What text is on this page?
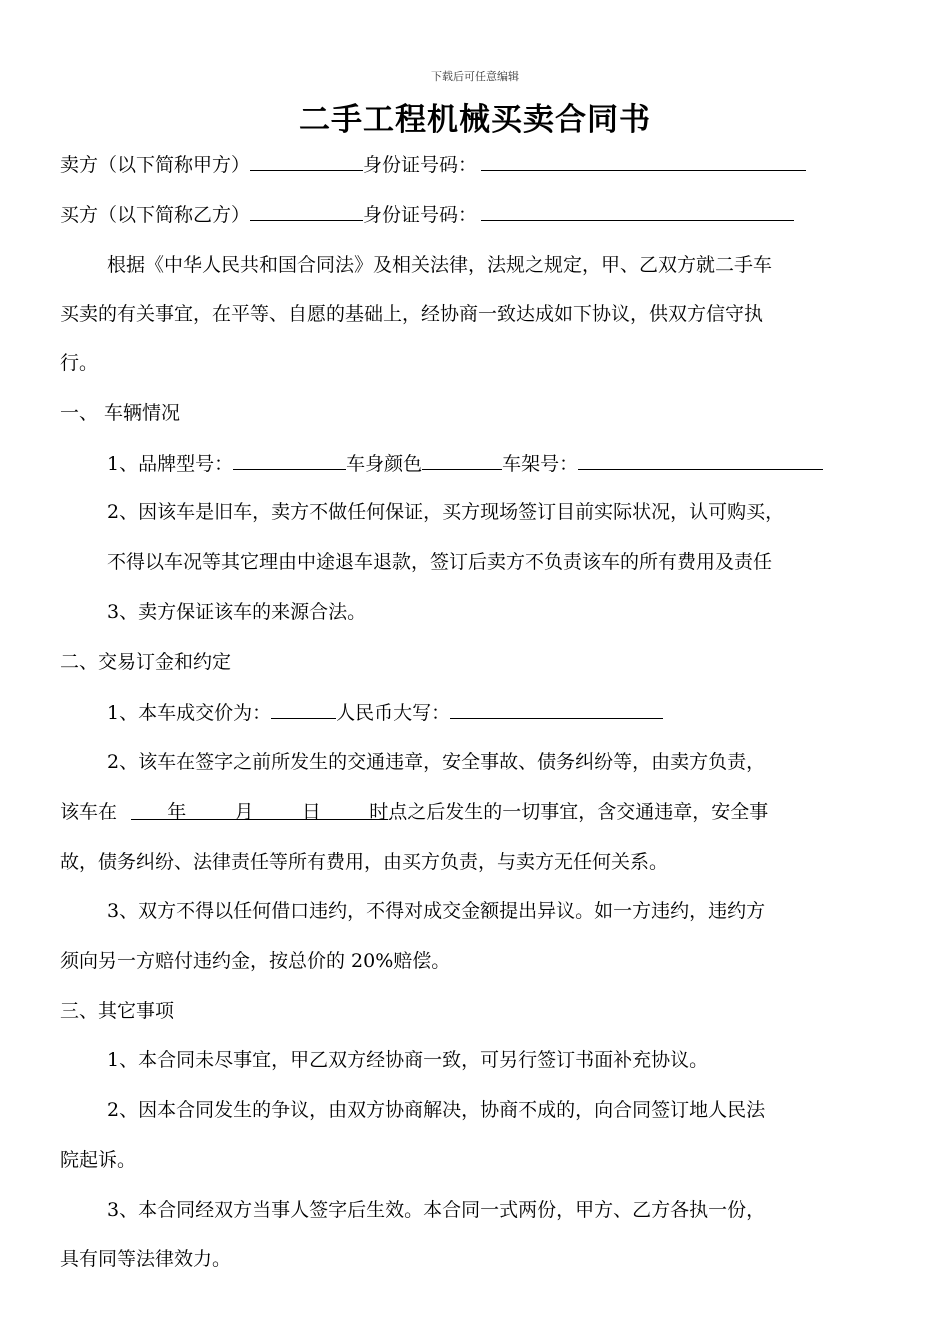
下载后可任意编辑
二手工程机械买卖合同书
卖方（以下简称甲方）	身份证号码：
买方（以下简称乙方）	身份证号码：
根据《中华人民共和国合同法》及相关法律，法规之规定，甲、乙双方就二手车
买卖的有关事宜，在平等、自愿的基础上，经协商一致达成如下协议，供双方信守执
行。
一、 车辆情况
1、品牌型号：	车身颜色	车架号：
2、因该车是旧车，卖方不做任何保证，买方现场签订目前实际状况，认可购买，
不得以车况等其它理由中途退车退款，签订后卖方不负责该车的所有费用及责任
3、卖方保证该车的来源合法。
二、交易订金和约定
1、本车成交价为：	人民币大写：
2、该车在签字之前所发生的交通违章，安全事故、债务纠纷等，由卖方负责，
该车在      年        月        日        时点之后发生的一切事宜，含交通违章，安全事
故，债务纠纷、法律责任等所有费用，由买方负责，与卖方无任何关系。
3、双方不得以任何借口违约，不得对成交金额提出异议。如一方违约，违约方
须向另一方赔付违约金，按总价的 20%赔偿。
三、其它事项
1、本合同未尽事宜，甲乙双方经协商一致，可另行签订书面补充协议。
2、因本合同发生的争议，由双方协商解决，协商不成的，向合同签订地人民法
院起诉。
3、本合同经双方当事人签字后生效。本合同一式两份，甲方、乙方各执一份，
具有同等法律效力。
